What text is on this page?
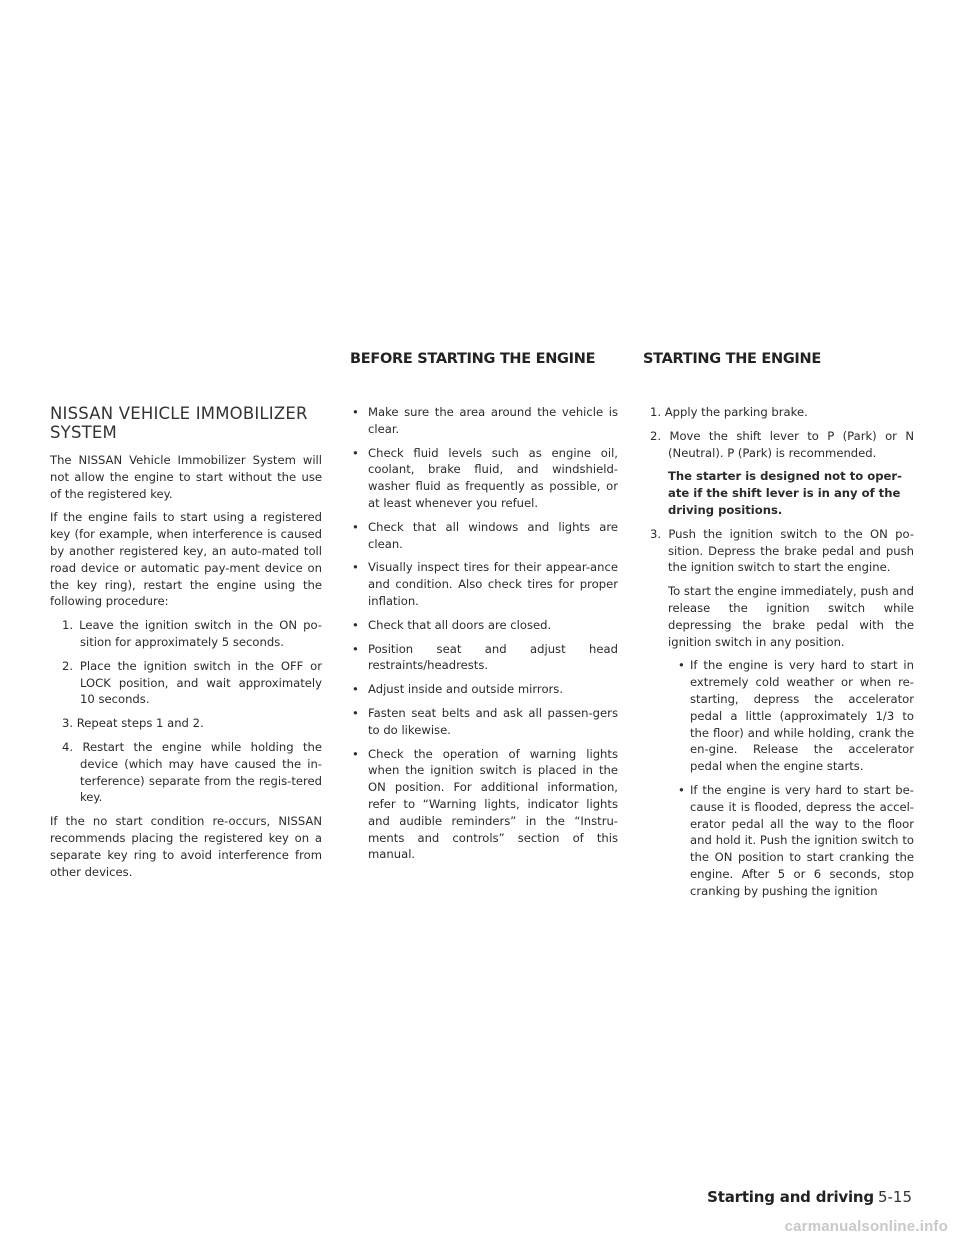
BEFORE STARTING THE ENGINE	STARTING THE ENGINE
NISSAN VEHICLE IMMOBILIZER SYSTEM

The NISSAN Vehicle Immobilizer System will not allow the engine to start without the use of the registered key.

If the engine fails to start using a registered key (for example, when interference is caused by another registered key, an auto-mated toll road device or automatic pay-ment device on the key ring), restart the engine using the following procedure:

1. Leave the ignition switch in the ON po-sition for approximately 5 seconds.
2. Place the ignition switch in the OFF or LOCK position, and wait approximately 10 seconds.
3. Repeat steps 1 and 2.
4. Restart the engine while holding the device (which may have caused the in-terference) separate from the regis-tered key.

If the no start condition re-occurs, NISSAN recommends placing the registered key on a separate key ring to avoid interference from other devices.

• Make sure the area around the vehicle is clear.
• Check fluid levels such as engine oil, coolant, brake fluid, and windshield-washer fluid as frequently as possible, or at least whenever you refuel.
• Check that all windows and lights are clean.
• Visually inspect tires for their appear-ance and condition. Also check tires for proper inflation.
• Check that all doors are closed.
• Position seat and adjust head restraints/headrests.
• Adjust inside and outside mirrors.
• Fasten seat belts and ask all passen-gers to do likewise.
• Check the operation of warning lights when the ignition switch is placed in the ON position. For additional information, refer to “Warning lights, indicator lights and audible reminders” in the “Instru-ments and controls” section of this manual.
1. Apply the parking brake.
2. Move the shift lever to P (Park) or N (Neutral). P (Park) is recommended.
The starter is designed not to oper-ate if the shift lever is in any of the driving positions.
3. Push the ignition switch to the ON po-sition. Depress the brake pedal and push the ignition switch to start the engine.
To start the engine immediately, push and release the ignition switch while depressing the brake pedal with the ignition switch in any position.
• If the engine is very hard to start in extremely cold weather or when re-starting, depress the accelerator pedal a little (approximately 1/3 to the floor) and while holding, crank the en-gine. Release the accelerator pedal when the engine starts.
• If the engine is very hard to start be-cause it is flooded, depress the accel-erator pedal all the way to the floor and hold it. Push the ignition switch to the ON position to start cranking the engine. After 5 or 6 seconds, stop cranking by pushing the ignition
Starting and driving 5-15
carmanualsonline.info
